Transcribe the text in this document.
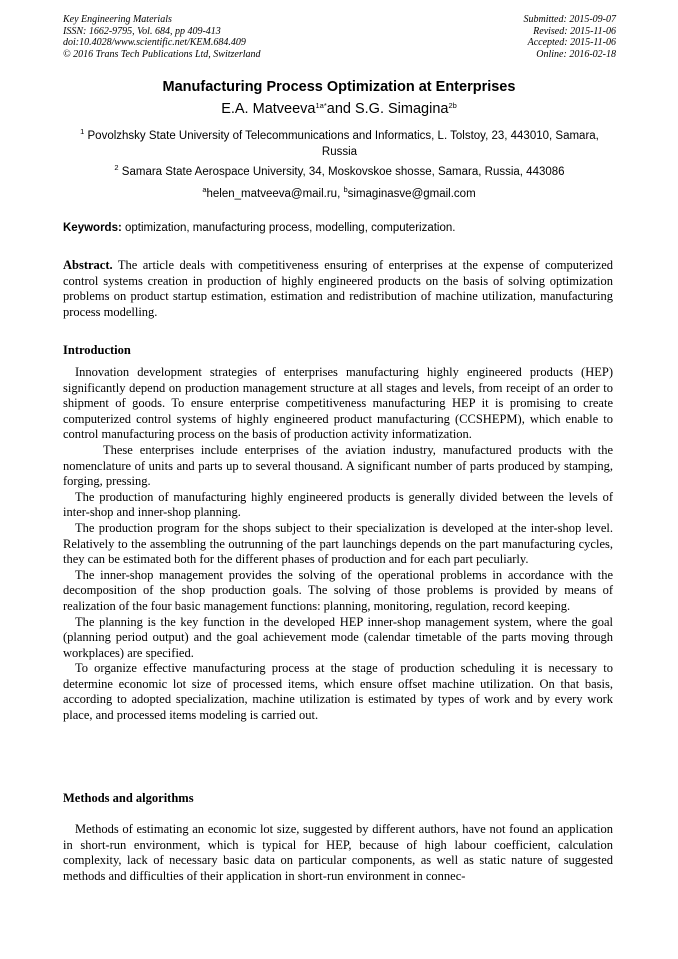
Key Engineering Materials
ISSN: 1662-9795, Vol. 684, pp 409-413
doi:10.4028/www.scientific.net/KEM.684.409
© 2016 Trans Tech Publications Ltd, Switzerland
Submitted: 2015-09-07
Revised: 2015-11-06
Accepted: 2015-11-06
Online: 2016-02-18
Manufacturing Process Optimization at Enterprises
E.A. Matveeva$^{1a*}$and S.G. Simagina$^{2b}$
$^1$ Povolzhsky State University of Telecommunications and Informatics, L. Tolstoy, 23, 443010, Samara, Russia
$^2$ Samara State Aerospace University, 34, Moskovskoe shosse, Samara, Russia, 443086
$^a$helen_matveeva@mail.ru, $^b$simaginasve@gmail.com
Keywords: optimization, manufacturing process, modelling, computerization.

Abstract. The article deals with competitiveness ensuring of enterprises at the expense of computerized control systems creation in production of highly engineered products on the basis of solving optimization problems on product startup estimation, estimation and redistribution of machine utilization, manufacturing process modelling.

Introduction

Innovation development strategies of enterprises manufacturing highly engineered products (HEP) significantly depend on production management structure at all stages and levels, from receipt of an order to shipment of goods. To ensure enterprise competitiveness manufacturing HEP it is promising to create computerized control systems of highly engineered product manufacturing (CCSHEPM), which enable to control manufacturing process on the basis of production activity informatization.

These enterprises include enterprises of the aviation industry, manufactured products with the nomenclature of units and parts up to several thousand. A significant number of parts produced by stamping, forging, pressing.

The production of manufacturing highly engineered products is generally divided between the levels of inter-shop and inner-shop planning.

The production program for the shops subject to their specialization is developed at the inter-shop level. Relatively to the assembling the outrunning of the part launchings depends on the part manufacturing cycles, they can be estimated both for the different phases of production and for each part peculiarly.

The inner-shop management provides the solving of the operational problems in accordance with the decomposition of the shop production goals. The solving of those problems is provided by means of realization of the four basic management functions: planning, monitoring, regulation, record keeping.

The planning is the key function in the developed HEP inner-shop management system, where the goal (planning period output) and the goal achievement mode (calendar timetable of the parts moving through workplaces) are specified.

To organize effective manufacturing process at the stage of production scheduling it is necessary to determine economic lot size of processed items, which ensure offset machine utilization. On that basis, according to adopted specialization, machine utilization is estimated by types of work and by every work place, and processed items modeling is carried out.

Methods and algorithms

Methods of estimating an economic lot size, suggested by different authors, have not found an application in short-run environment, which is typical for HEP, because of high labour coefficient, calculation complexity, lack of necessary basic data on particular components, as well as static nature of suggested methods and difficulties of their application in short-run environment in connec-
